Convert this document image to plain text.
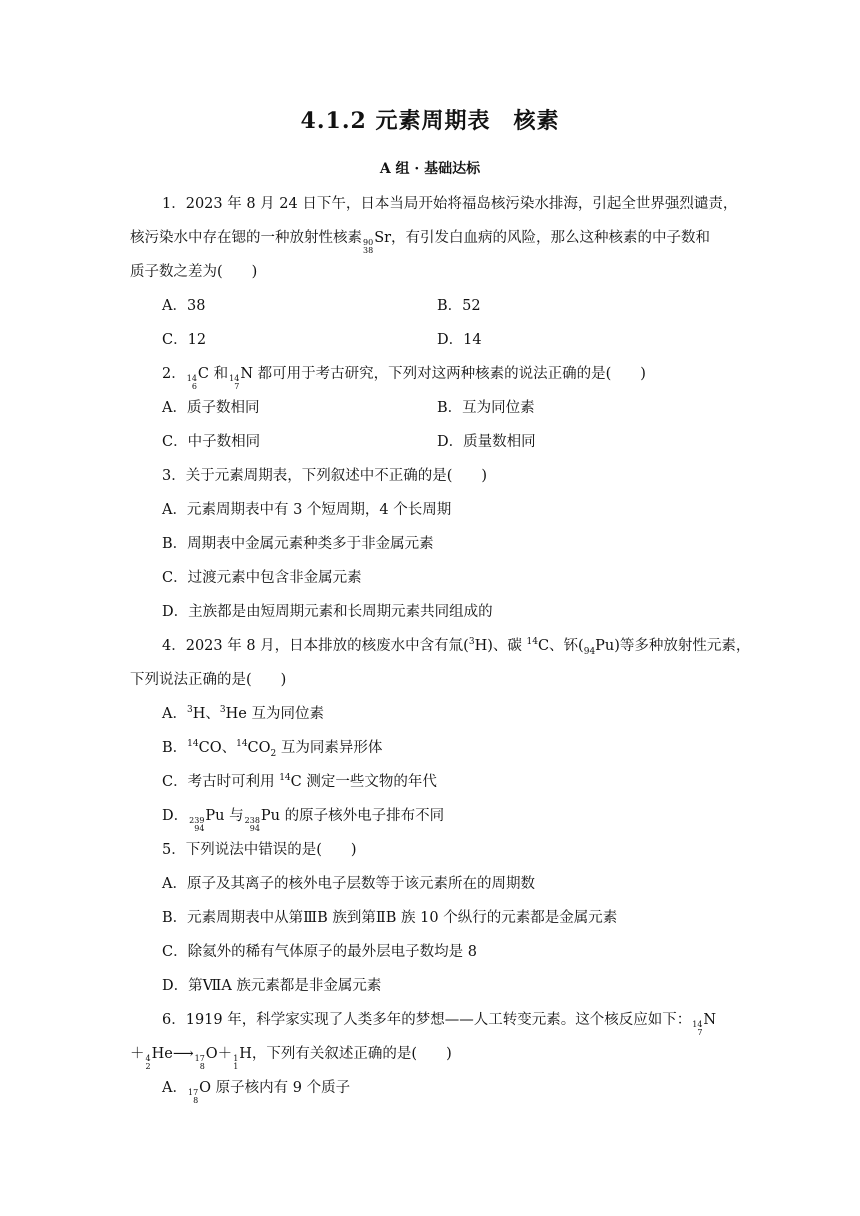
4.1.2 元素周期表　核素
A 组 · 基础达标
1．2023 年 8 月 24 日下午，日本当局开始将福岛核污染水排海，引起全世界强烈谴责，
核污染水中存在锶的一种放射性核素 90
38
Sr，有引发白血病的风险，那么这种核素的中子数和
质子数之差为(　　)
A．38	B．52
C．12	D．14
2． 14
6
C 和 14
7
N 都可用于考古研究，下列对这两种核素的说法正确的是(　　)
A．质子数相同	B．互为同位素
C．中子数相同	D．质量数相同
3．关于元素周期表，下列叙述中不正确的是(　　)
A．元素周期表中有 3 个短周期，4 个长周期
B．周期表中金属元素种类多于非金属元素
C．过渡元素中包含非金属元素
D．主族都是由短周期元素和长周期元素共同组成的
4．2023 年 8 月，日本排放的核废水中含有氚($^3$H)、碳 $^{14}$C、钚$(_{94}Pu)$等多种放射性元素，
下列说法正确的是(　　)
A．$^3$H、$^3$He 互为同位素
B．$^{14}$CO、$^{14}CO_2$ 互为同素异形体
C．考古时可利用 $^{14}$C 测定一些文物的年代
D． 239
94
Pu 与 238
94
Pu 的原子核外电子排布不同
5．下列说法中错误的是(　　)
A．原子及其离子的核外电子层数等于该元素所在的周期数
B．元素周期表中从第ⅢB 族到第ⅡB 族 10 个纵行的元素都是金属元素
C．除氦外的稀有气体原子的最外层电子数均是 8
D．第ⅦA 族元素都是非金属元素
6．1919 年，科学家实现了人类多年的梦想——人工转变元素。这个核反应如下： 14
7
N
＋ 4
2
He⟶ 17
8
O＋ 1
1
H，下列有关叙述正确的是(　　)
A． 17
8
O 原子核内有 9 个质子
